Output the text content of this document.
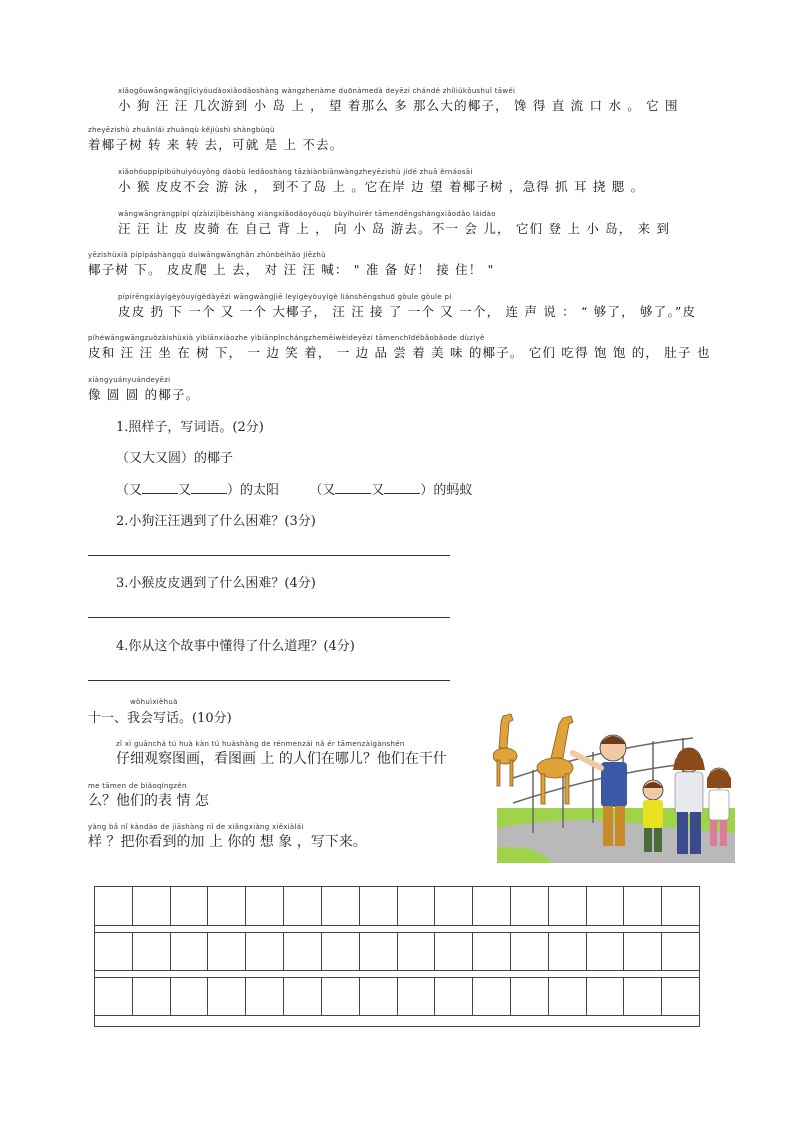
xiǎogǒuwāngwāngjǐcìyóudàoxiǎodǎoshàng wàngzhenàme duōnàmedà deyēzi chándé zhíliúkǒushuǐ tāwéi
小 狗 汪 汪 几次游到 小 岛 上 ， 望 着那么 多 那么大的椰子， 馋 得 直 流 口 水 。 它 围
zheyēzishù zhuǎnlái zhuǎnqù kějiùshì shàngbùqù
着椰子树 转 来 转 去，可就 是 上 不去。
xiǎohóuppípíbúhuìyóuyǒng dàobù ledǎoshàng tāzàiànbiānwàngzheyēzishù jídé zhuā ěrnáosāi
小 猴 皮皮不会 游 泳 ， 到不了岛 上 。它在岸 边 望 着椰子树 ，急得 抓 耳 挠 腮 。
wāngwāngràngpípí qízàizìjǐbèishàng xiàngxiǎodǎoyóuqù bùyíhuìrér tāmendēngshàngxiǎodǎo láidào
汪 汪 让 皮 皮骑 在 自己 背 上 ， 向 小 岛 游去。不一 会 儿， 它们 登 上 小 岛， 来 到
yēzishùxià pípípáshàngqù duìwāngwānghǎn zhǔnbèihǎo jiēzhù
椰子树 下。 皮皮爬 上 去， 对 汪 汪 喊： " 准 备 好！ 接 住！ "
pípírēngxiàyígèyòuyígèdàyēzi wāngwāngjiē leyígèyòuyígè liánshēngshuō gòule gòule pí
皮皮 扔 下 一个 又 一个 大椰子， 汪 汪 接 了 一个 又 一个， 连 声 说 ： “ 够了， 够了。”皮
píhéwāngwāngzuòzàishùxià yìbiānxiàozhe yìbiānpǐnchángzhemēiwèideyēzi tāmenchīdébǎobǎode dùziyě
皮和 汪 汪 坐 在 树 下， 一 边 笑 着， 一 边 品 尝 着 美 味 的椰子。 它们 吃得 饱 饱 的， 肚子 也
xiàngyuányuándeyēzi
像 圆 圆 的椰子。
1.照样子，写词语。(2分)
（又大又圆）的椰子
（又	又	）的太阳 （又	又	）的蚂蚁
2.小狗汪汪遇到了什么困难？(3分)
3.小猴皮皮遇到了什么困难？(4分)
4.你从这个故事中懂得了什么道理？(4分)
wǒhuìxiěhuà
十一、我会写话。(10分)
zǐ xì guānchá tú huà kàn tú huàshàng de rénmenzài nǎ ér tāmenzàigànshén
仔细观察图画，看图画 上 的人们在哪儿？他们在干什
me tāmen de biǎoqíngzěn
么？他们的表 情 怎
yàng bǎ nǐ kàndào de jiāshàng nǐ de xiǎngxiàng xiěxiàlái
样 ？把你看到的加 上 你的 想 象 ，写下来。
